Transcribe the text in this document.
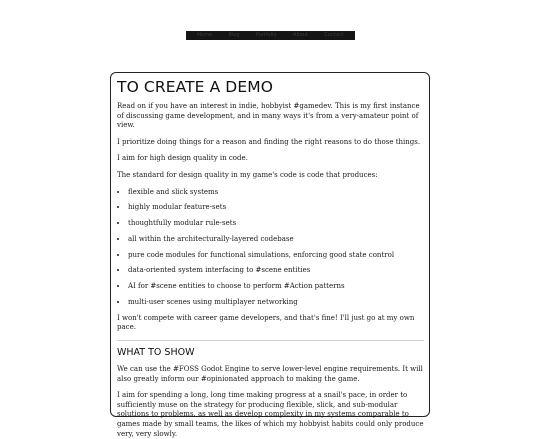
Home	Blog	Portfolio	About	Contact
TO CREATE A DEMO

Read on if you have an interest in indie, hobbyist #gamedev. This is my first instance of discussing game development, and in many ways it's from a very-amateur point of view.

I prioritize doing things for a reason and finding the right reasons to do those things.

I aim for high design quality in code.

The standard for design quality in my game's code is code that produces:

• flexible and slick systems
• highly modular feature-sets
• thoughtfully modular rule-sets
• all within the architecturally-layered codebase
• pure code modules for functional simulations, enforcing good state control
• data-oriented system interfacing to #scene entities
• AI for #scene entities to choose to perform #Action patterns
• multi-user scenes using multiplayer networking

I won't compete with career game developers, and that's fine! I'll just go at my own pace.

WHAT TO SHOW

We can use the #FOSS Godot Engine to serve lower-level engine requirements. It will also greatly inform our #opinionated approach to making the game.

I aim for spending a long, long time making progress at a snail's pace, in order to sufficiently muse on the strategy for producing flexible, slick, and sub-modular solutions to problems, as well as develop complexity in my systems comparable to games made by small teams, the likes of which my hobbyist habits could only produce very, very slowly.
